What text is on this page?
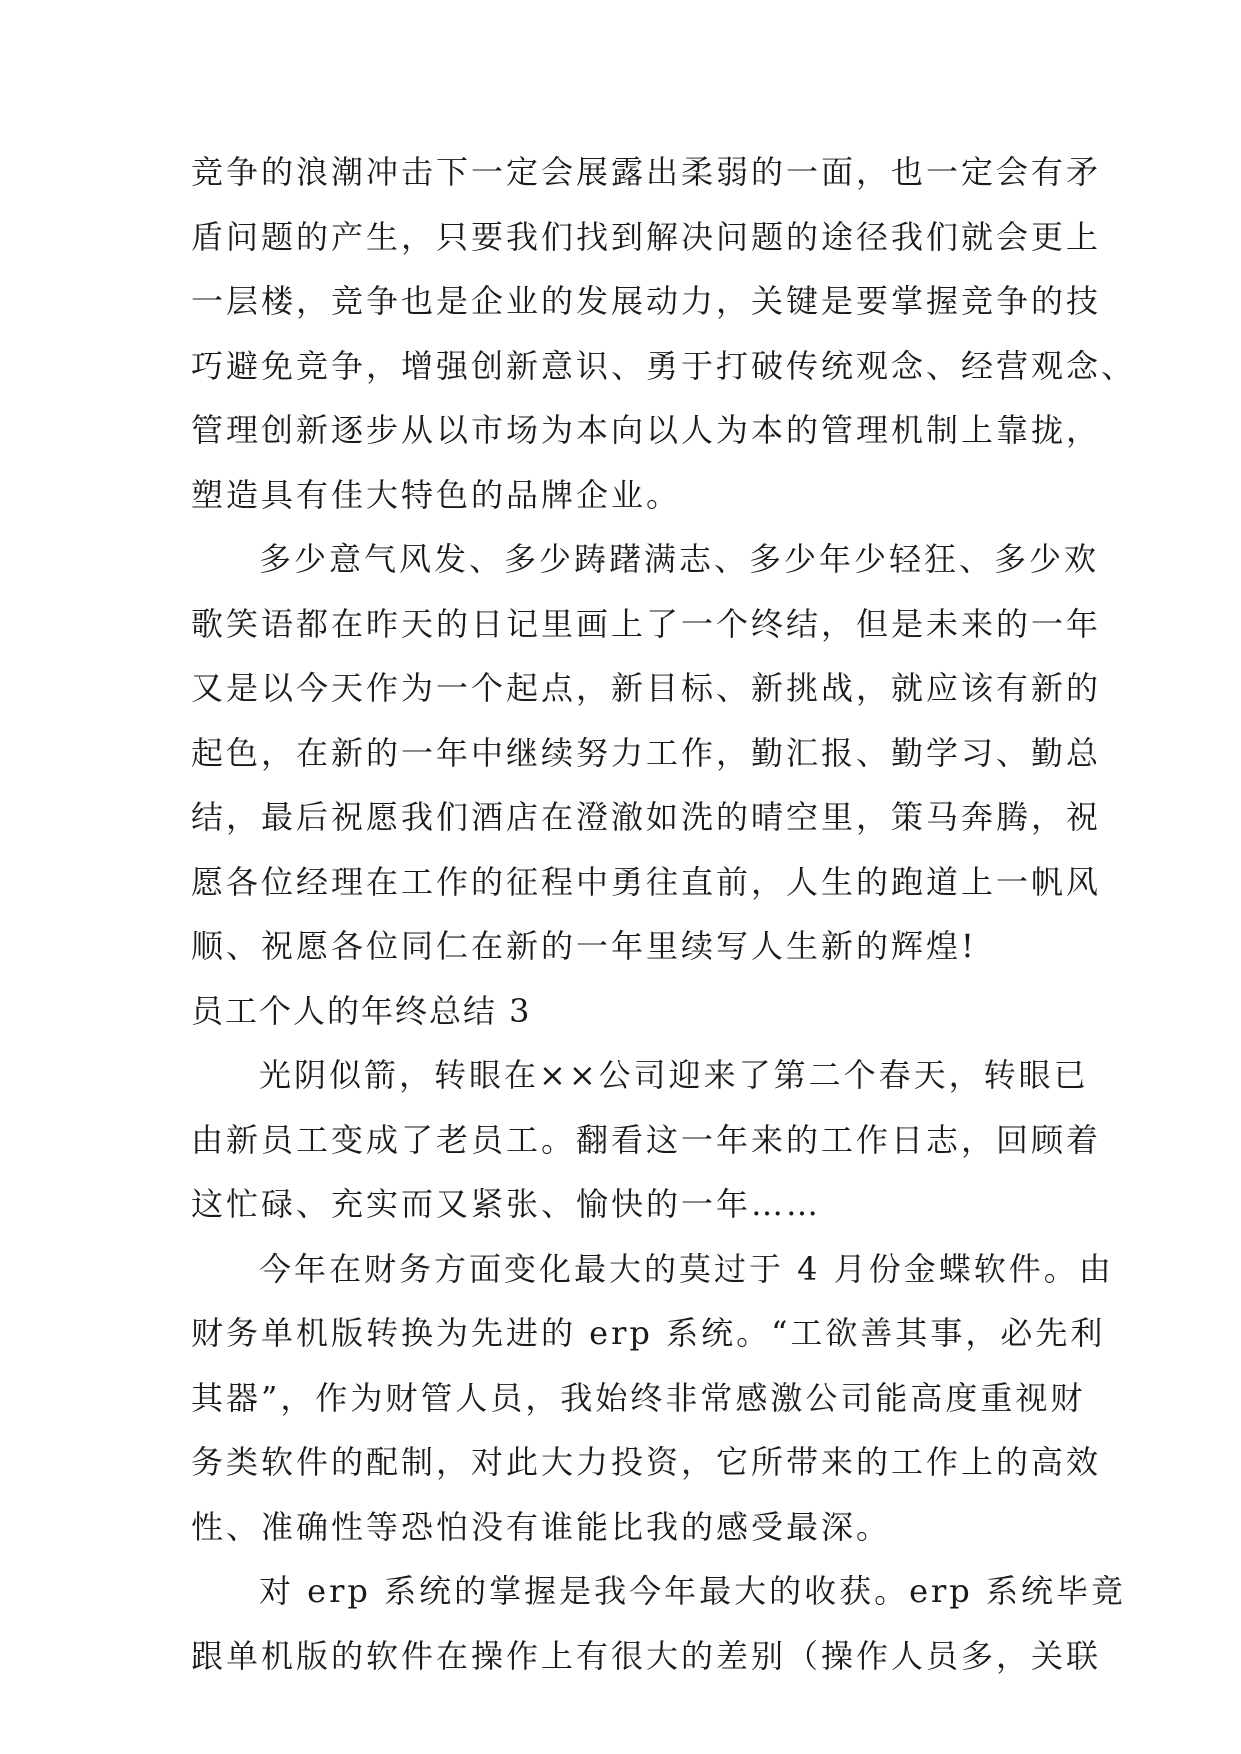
竞争的浪潮冲击下一定会展露出柔弱的一面，也一定会有矛
盾问题的产生，只要我们找到解决问题的途径我们就会更上
一层楼，竞争也是企业的发展动力，关键是要掌握竞争的技
巧避免竞争，增强创新意识、勇于打破传统观念、经营观念、
管理创新逐步从以市场为本向以人为本的管理机制上靠拢，
塑造具有佳大特色的品牌企业。
多少意气风发、多少踌躇满志、多少年少轻狂、多少欢
歌笑语都在昨天的日记里画上了一个终结，但是未来的一年
又是以今天作为一个起点，新目标、新挑战，就应该有新的
起色，在新的一年中继续努力工作，勤汇报、勤学习、勤总
结，最后祝愿我们酒店在澄澈如洗的晴空里，策马奔腾，祝
愿各位经理在工作的征程中勇往直前，人生的跑道上一帆风
顺、祝愿各位同仁在新的一年里续写人生新的辉煌!
员工个人的年终总结 3
光阴似箭，转眼在××公司迎来了第二个春天，转眼已
由新员工变成了老员工。翻看这一年来的工作日志，回顾着
这忙碌、充实而又紧张、愉快的一年……
今年在财务方面变化最大的莫过于 4 月份金蝶软件。由
财务单机版转换为先进的 erp 系统。“工欲善其事，必先利
其器”，作为财管人员，我始终非常感激公司能高度重视财
务类软件的配制，对此大力投资，它所带来的工作上的高效
性、准确性等恐怕没有谁能比我的感受最深。
对 erp 系统的掌握是我今年最大的收获。erp 系统毕竟
跟单机版的软件在操作上有很大的差别（操作人员多，关联
